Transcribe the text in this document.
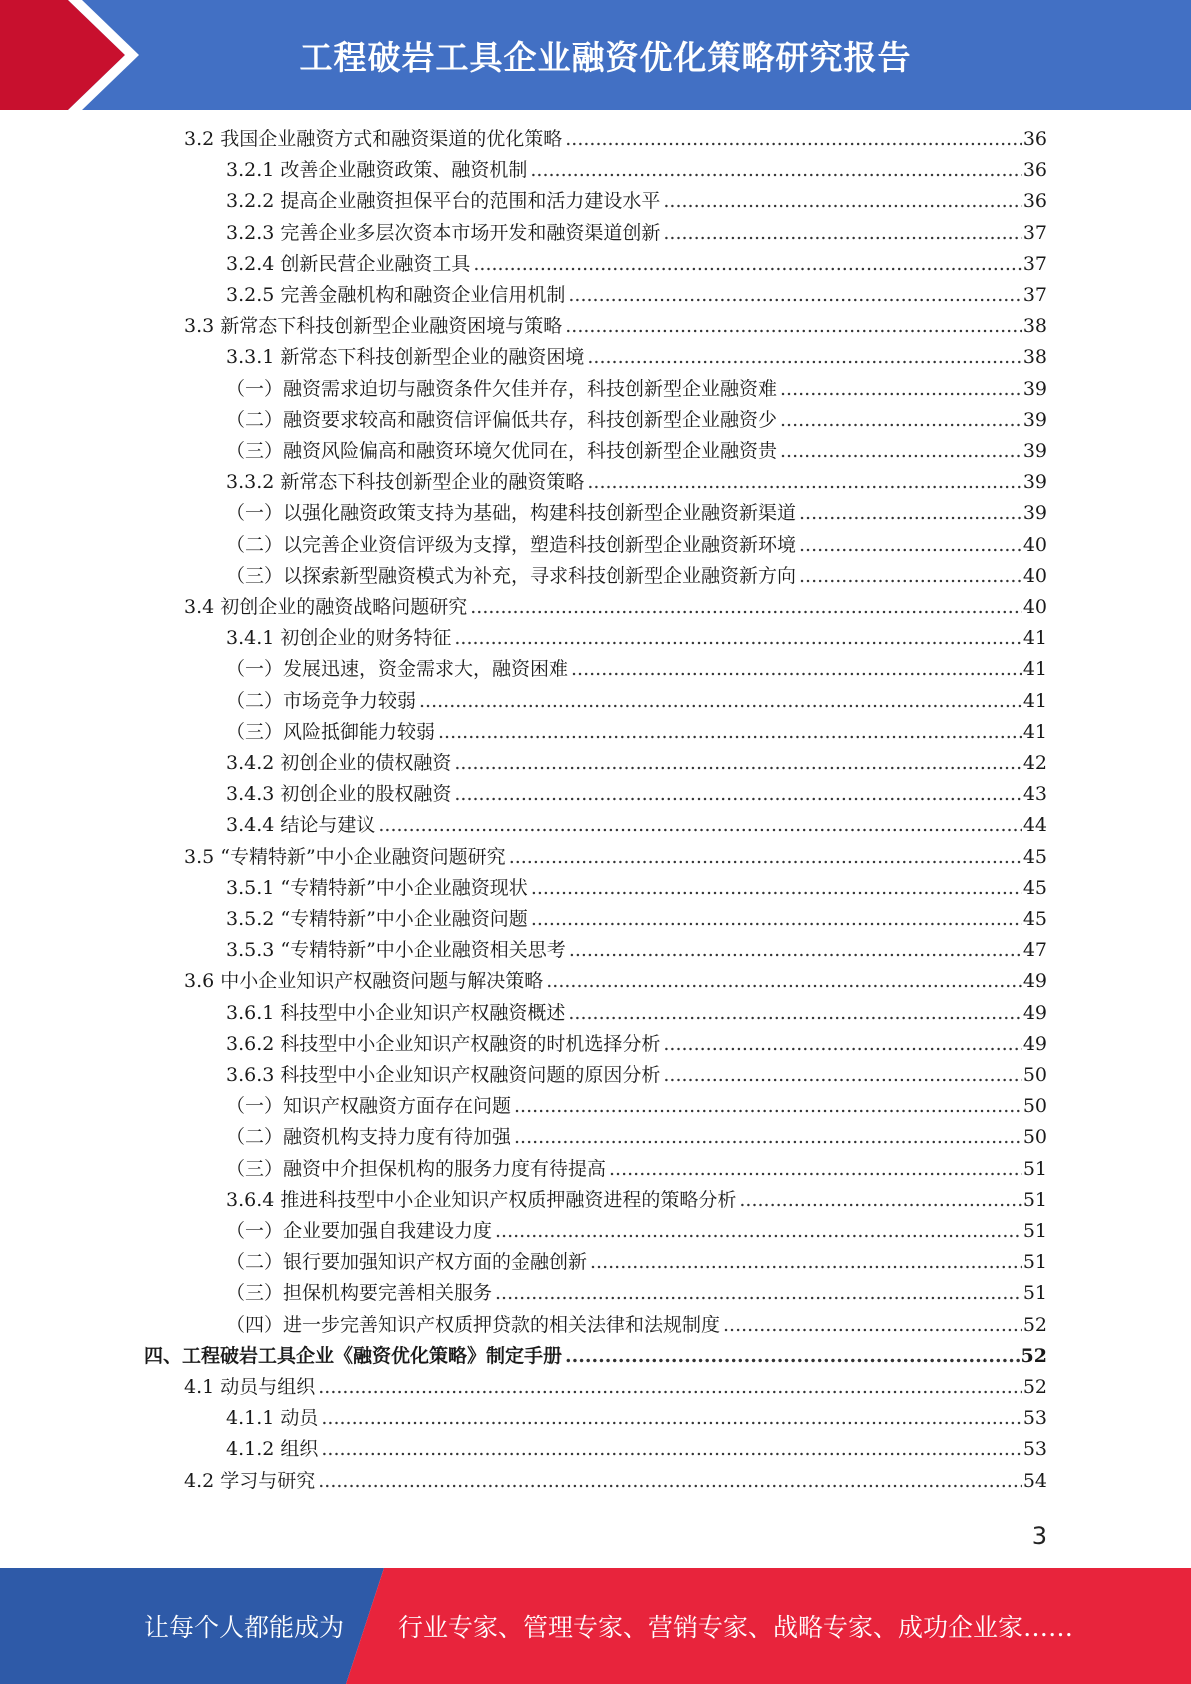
工程破岩工具企业融资优化策略研究报告
3.2 我国企业融资方式和融资渠道的优化策略 .....	36
3.2.1 改善企业融资政策、融资机制 .....	36
3.2.2 提高企业融资担保平台的范围和活力建设水平 .....	36
3.2.3 完善企业多层次资本市场开发和融资渠道创新 .....	37
3.2.4 创新民营企业融资工具 .....	37
3.2.5 完善金融机构和融资企业信用机制 .....	37
3.3 新常态下科技创新型企业融资困境与策略 .....	38
3.3.1 新常态下科技创新型企业的融资困境 .....	38
（一）融资需求迫切与融资条件欠佳并存，科技创新型企业融资难 .....	39
（二）融资要求较高和融资信评偏低共存，科技创新型企业融资少 .....	39
（三）融资风险偏高和融资环境欠优同在，科技创新型企业融资贵 .....	39
3.3.2 新常态下科技创新型企业的融资策略 .....	39
（一）以强化融资政策支持为基础，构建科技创新型企业融资新渠道 .....	39
（二）以完善企业资信评级为支撑，塑造科技创新型企业融资新环境 .....	40
（三）以探索新型融资模式为补充，寻求科技创新型企业融资新方向 .....	40
3.4 初创企业的融资战略问题研究 .....	40
3.4.1 初创企业的财务特征 .....	41
（一）发展迅速，资金需求大，融资困难 .....	41
（二）市场竞争力较弱 .....	41
（三）风险抵御能力较弱 .....	41
3.4.2 初创企业的债权融资 .....	42
3.4.3 初创企业的股权融资 .....	43
3.4.4 结论与建议 .....	44
3.5 “专精特新”中小企业融资问题研究 .....	45
3.5.1 “专精特新”中小企业融资现状 .....	45
3.5.2 “专精特新”中小企业融资问题 .....	45
3.5.3 “专精特新”中小企业融资相关思考 .....	47
3.6 中小企业知识产权融资问题与解决策略 .....	49
3.6.1 科技型中小企业知识产权融资概述 .....	49
3.6.2 科技型中小企业知识产权融资的时机选择分析 .....	49
3.6.3 科技型中小企业知识产权融资问题的原因分析 .....	50
（一）知识产权融资方面存在问题 .....	50
（二）融资机构支持力度有待加强 .....	50
（三）融资中介担保机构的服务力度有待提高 .....	51
3.6.4 推进科技型中小企业知识产权质押融资进程的策略分析 .....	51
（一）企业要加强自我建设力度 .....	51
（二）银行要加强知识产权方面的金融创新 .....	51
（三）担保机构要完善相关服务 .....	51
（四）进一步完善知识产权质押贷款的相关法律和法规制度 .....	52
四、工程破岩工具企业《融资优化策略》制定手册 .....	52
4.1 动员与组织 .....	52
4.1.1 动员 .....	53
4.1.2 组织 .....	53
4.2 学习与研究 .....	54
3
让每个人都能成为 行业专家、管理专家、营销专家、战略专家、成功企业家……
